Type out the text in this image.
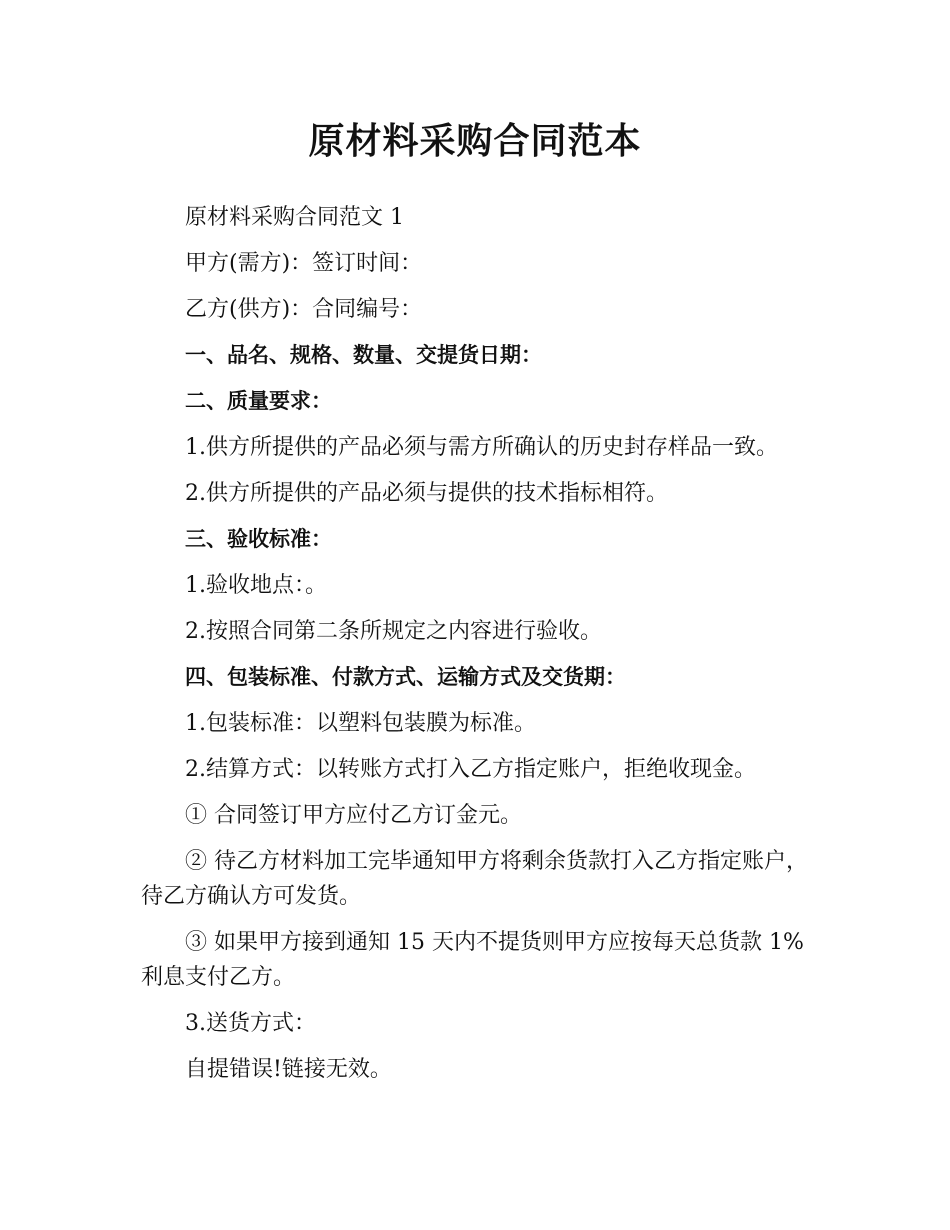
原材料采购合同范本

原材料采购合同范文 1

甲方(需方)：签订时间：

乙方(供方)：合同编号：

一、品名、规格、数量、交提货日期：

二、质量要求：

1.供方所提供的产品必须与需方所确认的历史封存样品一致。

2.供方所提供的产品必须与提供的技术指标相符。

三、验收标准：

1.验收地点：。

2.按照合同第二条所规定之内容进行验收。

四、包装标准、付款方式、运输方式及交货期：

1.包装标准：以塑料包装膜为标准。

2.结算方式：以转账方式打入乙方指定账户，拒绝收现金。

① 合同签订甲方应付乙方订金元。

② 待乙方材料加工完毕通知甲方将剩余货款打入乙方指定账户，待乙方确认方可发货。

③ 如果甲方接到通知 15 天内不提货则甲方应按每天总货款 1%利息支付乙方。

3.送货方式：

自提错误!链接无效。
